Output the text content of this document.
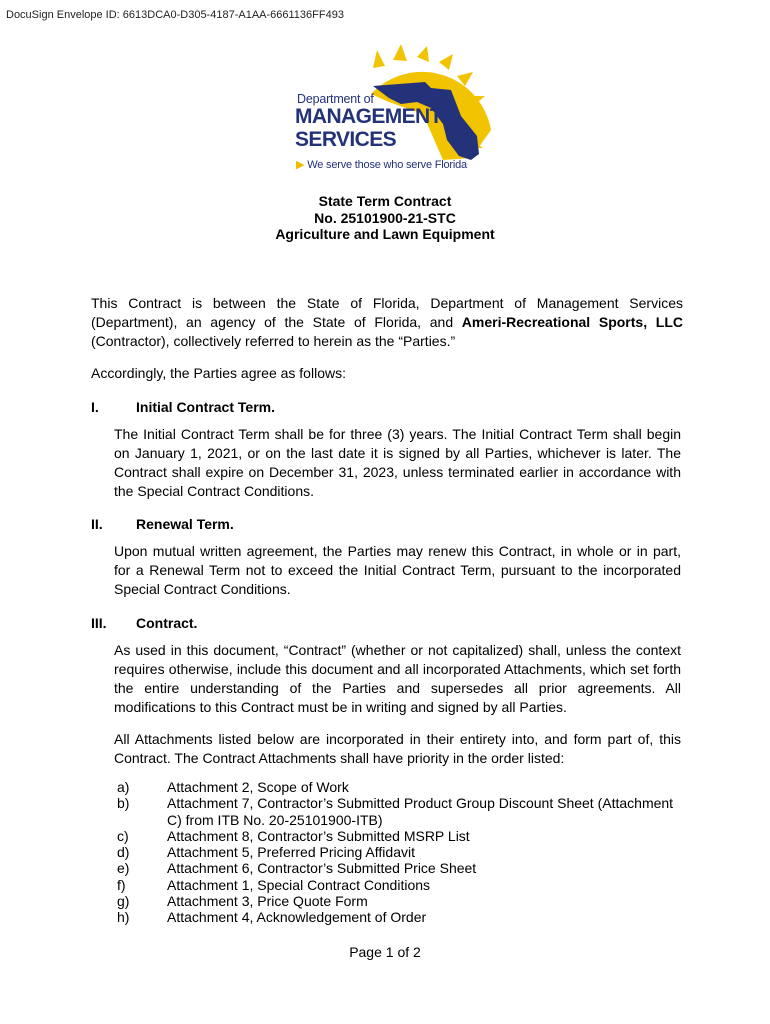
DocuSign Envelope ID: 6613DCA0-D305-4187-A1AA-6661136FF493
Department of
MANAGEMENT
SERVICES
▶ We serve those who serve Florida
State Term Contract
No. 25101900-21-STC
Agriculture and Lawn Equipment

This Contract is between the State of Florida, Department of Management Services (Department), an agency of the State of Florida, and Ameri-Recreational Sports, LLC (Contractor), collectively referred to herein as the “Parties.”

Accordingly, the Parties agree as follows:

I.	Initial Contract Term.

The Initial Contract Term shall be for three (3) years. The Initial Contract Term shall begin on January 1, 2021, or on the last date it is signed by all Parties, whichever is later. The Contract shall expire on December 31, 2023, unless terminated earlier in accordance with the Special Contract Conditions.

II. Renewal Term.

Upon mutual written agreement, the Parties may renew this Contract, in whole or in part, for a Renewal Term not to exceed the Initial Contract Term, pursuant to the incorporated Special Contract Conditions.

III. Contract.

As used in this document, “Contract” (whether or not capitalized) shall, unless the context requires otherwise, include this document and all incorporated Attachments, which set forth the entire understanding of the Parties and supersedes all prior agreements. All modifications to this Contract must be in writing and signed by all Parties.

All Attachments listed below are incorporated in their entirety into, and form part of, this Contract. The Contract Attachments shall have priority in the order listed:

a)	Attachment 2, Scope of Work
b)	Attachment 7, Contractor’s Submitted Product Group Discount Sheet (Attachment C) from ITB No. 20-25101900-ITB)
c)	Attachment 8, Contractor’s Submitted MSRP List
d)	Attachment 5, Preferred Pricing Affidavit
e)	Attachment 6, Contractor’s Submitted Price Sheet
f)	Attachment 1, Special Contract Conditions
g)	Attachment 3, Price Quote Form
h)	Attachment 4, Acknowledgement of Order
Page 1 of 2
